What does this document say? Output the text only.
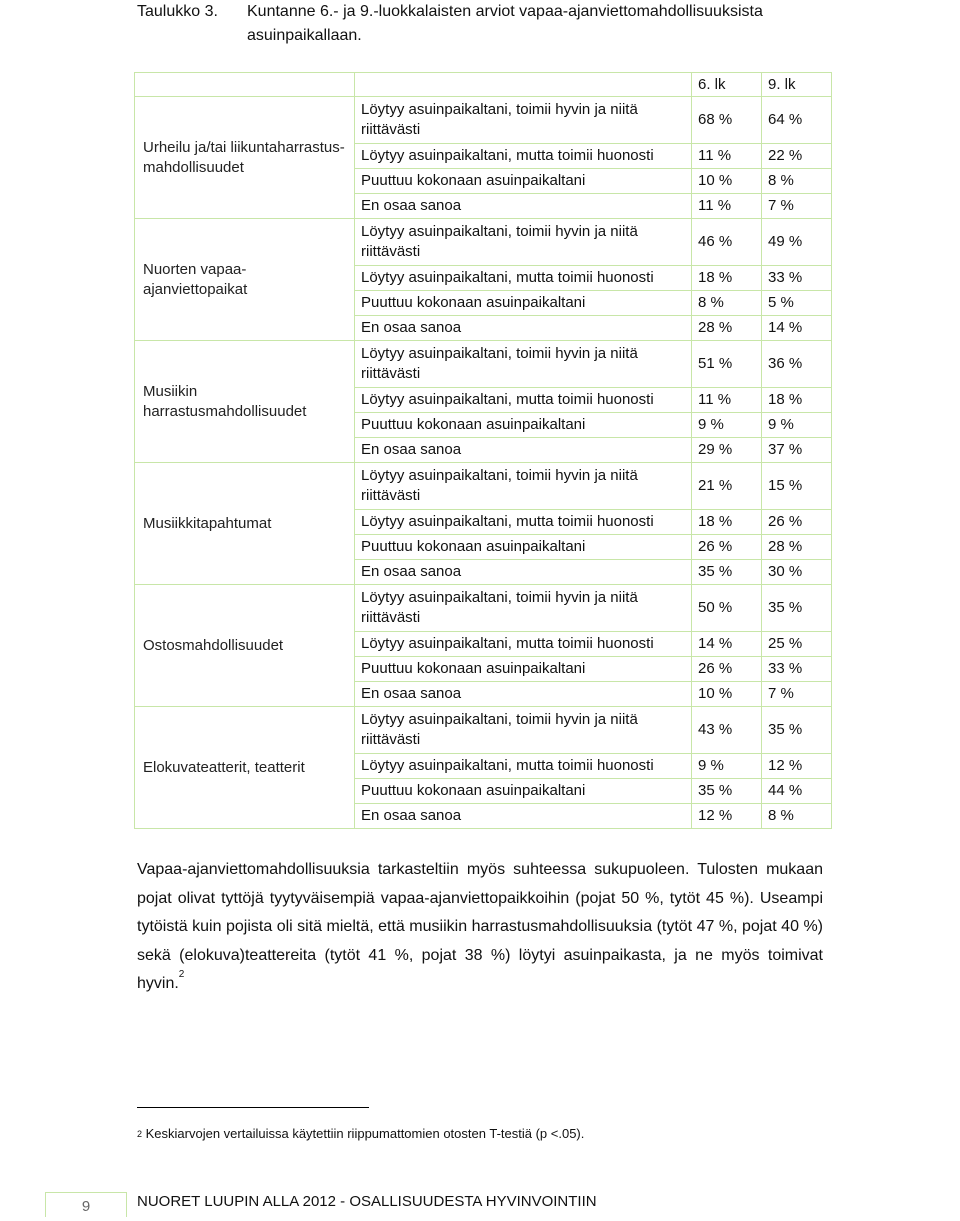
Taulukko 3.	Kuntanne 6.- ja 9.-luokkalaisten arviot vapaa-ajanviettomahdollisuuksista
asuinpaikallaan.
		6. lk	9. lk
Urheilu ja/tai liikuntaharrastus-mahdollisuudet	Löytyy asuinpaikaltani, toimii hyvin ja niitä riittävästi	68 %	64 %
	Löytyy asuinpaikaltani, mutta toimii huonosti	11 %	22 %
	Puuttuu kokonaan asuinpaikaltani	10 %	8 %
	En osaa sanoa	11 %	7 %
Nuorten vapaa-ajanviettopaikat	Löytyy asuinpaikaltani, toimii hyvin ja niitä riittävästi	46 %	49 %
	Löytyy asuinpaikaltani, mutta toimii huonosti	18 %	33 %
	Puuttuu kokonaan asuinpaikaltani	8 %	5 %
	En osaa sanoa	28 %	14 %
Musiikin harrastusmahdollisuudet	Löytyy asuinpaikaltani, toimii hyvin ja niitä riittävästi	51 %	36 %
	Löytyy asuinpaikaltani, mutta toimii huonosti	11 %	18 %
	Puuttuu kokonaan asuinpaikaltani	9 %	9 %
	En osaa sanoa	29 %	37 %
Musiikkitapahtumat	Löytyy asuinpaikaltani, toimii hyvin ja niitä riittävästi	21 %	15 %
	Löytyy asuinpaikaltani, mutta toimii huonosti	18 %	26 %
	Puuttuu kokonaan asuinpaikaltani	26 %	28 %
	En osaa sanoa	35 %	30 %
Ostosmahdollisuudet	Löytyy asuinpaikaltani, toimii hyvin ja niitä riittävästi	50 %	35 %
	Löytyy asuinpaikaltani, mutta toimii huonosti	14 %	25 %
	Puuttuu kokonaan asuinpaikaltani	26 %	33 %
	En osaa sanoa	10 %	7 %
Elokuvateatterit, teatterit	Löytyy asuinpaikaltani, toimii hyvin ja niitä riittävästi	43 %	35 %
	Löytyy asuinpaikaltani, mutta toimii huonosti	9 %	12 %
	Puuttuu kokonaan asuinpaikaltani	35 %	44 %
	En osaa sanoa	12 %	8 %
Vapaa-ajanviettomahdollisuuksia tarkasteltiin myös suhteessa sukupuoleen. Tulosten mukaan pojat olivat tyttöjä tyytyväisempiä vapaa-ajanviettopaikkoihin (pojat 50 %, tytöt 45 %). Useampi tytöistä kuin pojista oli sitä mieltä, että musiikin harrastusmahdollisuuksia (tytöt 47 %, pojat 40 %) sekä (elokuva)teattereita (tytöt 41 %, pojat 38 %) löytyi asuinpaikasta, ja ne myös toimivat hyvin.$^2$
$^2$ Keskiarvojen vertailuissa käytettiin riippumattomien otosten T-testiä (p <.05).
9	NUORET LUUPIN ALLA 2012 - OSALLISUUDESTA HYVINVOINTIIN
